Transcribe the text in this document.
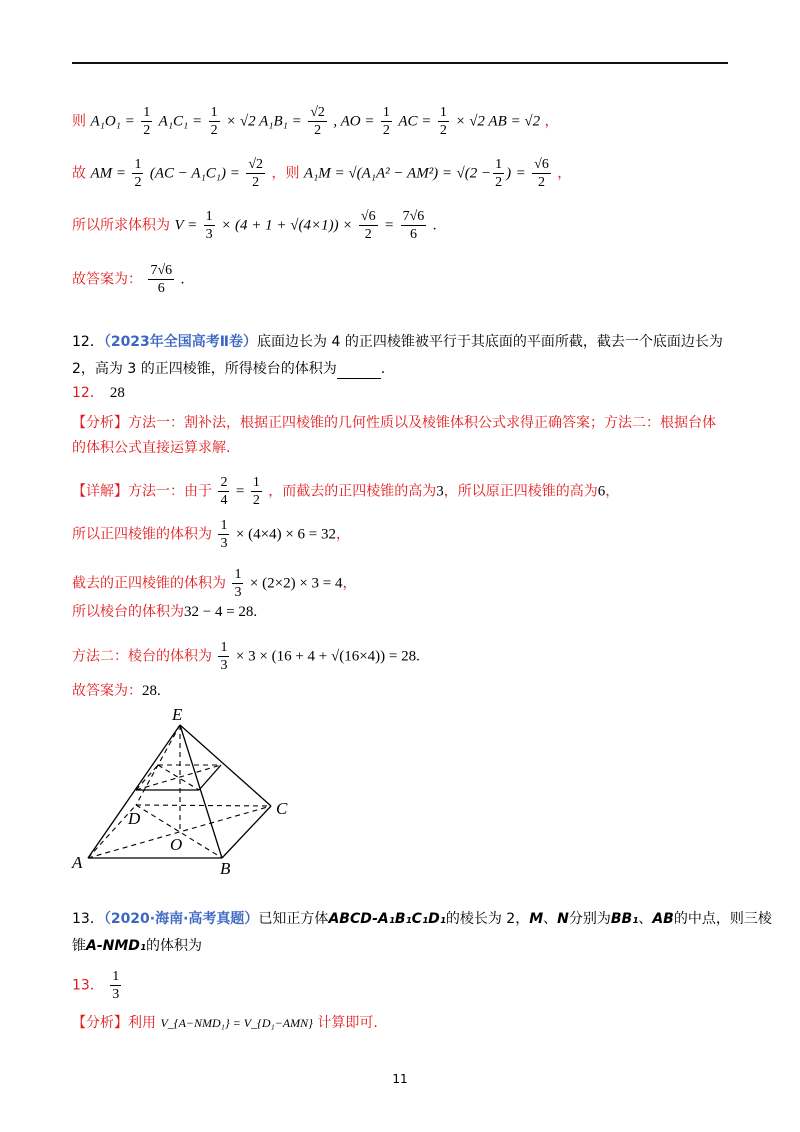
则 $A_1O_1 = \frac{1}{2} A_1C_1 = \frac{1}{2} \times √2$ $A_1B_1 = \frac{√2}{2}$ , AO = $\frac{1}{2}$ AC = $\frac{1}{2} \times √2$ AB = √2 ，
故 AM = $\frac{1}{2} (AC - A_1C_1) = \frac{√2}{2}$ ，则 $A_1M = √(A_1A^2 - AM^2) = √(2 - \frac{1}{2}$ ) = $\frac{√6}{2}$ ，
所以所求体积为 $V = \frac{1}{3} \times (4 + 1 + √(4\times 1)) \times \frac{√6}{2} = \frac{7√6}{6}$ .
故答案为： $\frac{7√6}{6}$ .
12．（2023年全国高考Ⅱ卷）底面边长为 4 的正四棱锥被平行于其底面的平面所截，截去一个底面边长为
2，高为 3 的正四棱锥，所得棱台的体积为	.
12． 28
【分析】方法一：割补法，根据正四棱锥的几何性质以及棱锥体积公式求得正确答案；方法二：根据台体
的体积公式直接运算求解.
【详解】方法一：由于 $\frac{2}{4} = \frac{1}{2}$ ，而截去的正四棱锥的高为3，所以原正四棱锥的高为6，
所以正四棱锥的体积为 $\frac{1}{3} \times (4\times 4) \times 6 = 32$，
截去的正四棱锥的体积为 $\frac{1}{3} \times (2\times 2) \times 3 = 4$，
所以棱台的体积为32 − 4 = 28.
方法二：棱台的体积为 $\frac{1}{3} \times 3 \times (16 + 4 + √(16\times 4)) = 28$.
故答案为：28.
E
C
D
O
A	B
13．（2020·海南·高考真题）已知正方体ABCD-A₁B₁C₁D₁的棱长为 2，M、N分别为BB₁、AB的中点，则三棱
锥A-NMD₁的体积为
13． $\frac{1}{3}$
【分析】利用 V_{A−NMD₁} = V_{D₁−AMN} 计算即可.
11
